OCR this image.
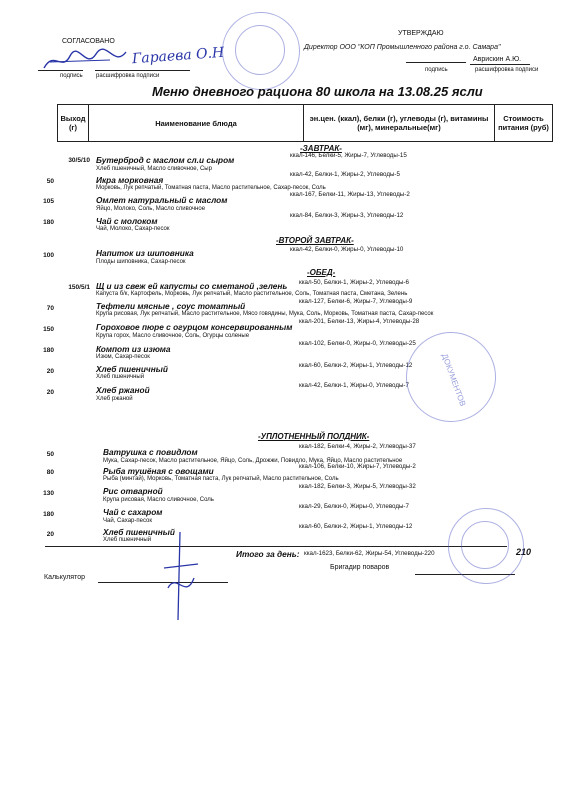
СОГЛАСОВАНО
подпись расшифровка подписи
Гараева О.Н
УТВЕРЖДАЮ
Директор ООО "КОП Промышленного района г.о. Самара"
Аврискин А.Ю.
подпись	расшифровка подписи
Меню дневного рациона 80 школа на 13.08.25 ясли
Выход (г)	Наименование блюда	эн.цен. (ккал), белки (г), углеводы (г), витамины (мг), минеральные(мг)
Стоимость питания (руб)
-ЗАВТРАК-
30/5/10 Бутерброд с маслом сл.и сыром	ккал-146, Белки-5, Жиры-7, Углеводы-15
Хлеб пшеничный, Масло сливочное, Сыр
50	Икра морковная
ккал-42, Белки-1, Жиры-2, Углеводы-5
Морковь, Лук репчатый, Томатная паста, Масло растительное, Сахар-песок, Соль
105	Омлет натуральный с маслом
ккал-167, Белки-11, Жиры-13, Углеводы-2
Яйцо, Молоко, Соль, Масло сливочное
180	Чай с молоком
ккал-84, Белки-3, Жиры-3, Углеводы-12
Чай, Молоко, Сахар-песок
-ВТОРОЙ ЗАВТРАК-
100	Напиток из шиповника	ккал-42, Белки-0, Жиры-0, Углеводы-10
Плоды шиповника, Сахар-песок
-ОБЕД-
150/5/1 Щ и из свеж ей капусты со сметаной ,зелень ккал-50, Белки-1, Жиры-2, Углеводы-6
Капуста б/к, Картофель, Морковь, Лук репчатый, Масло растительное, Соль, Томатная паста, Сметана, Зелень
70	Тефтели мясные , соус томатный	ккал-127, Белки-6, Жиры-7, Углеводы-9
Крупа рисовая, Лук репчатый, Масло растительное, Мясо говядины, Мука, Соль, Морковь, Томатная паста, Сахар-песок
150	Гороховое пюре с огурцом консервированным
ккал-201, Белки-13, Жиры-4, Углеводы-28
Крупа горох, Масло сливочное, Соль, Огурцы соленые
180	Компот из изюма
ккал-102, Белки-0, Жиры-0, Углеводы-25
Изюм, Сахар-песок
20	Хлеб пшеничный	ккал-60, Белки-2, Жиры-1, Углеводы-12
Хлеб пшеничный
20	Хлеб ржаной	ккал-42, Белки-1, Жиры-0, Углеводы-7
Хлеб ржаной
-УПЛОТНЕННЫЙ ПОЛДНИК-
50	Ватрушка с повидлом
ккал-182, Белки-4, Жиры-2, Углеводы-37
Мука, Сахар-песок, Масло растительное, Яйцо, Соль, Дрожжи, Повидло, Мука, Яйцо, Масло растительное
80	Рыба тушёная с овощами	ккал-106, Белки-10, Жиры-7, Углеводы-2
Рыба (минтай), Морковь, Томатная паста, Лук репчатый, Масло растительное, Соль
130	Рис отварной	ккал-182, Белки-3, Жиры-5, Углеводы-32
Крупа рисовая, Масло сливочное, Соль
180	Чай с сахаром
ккал-29, Белки-0, Жиры-0, Углеводы-7
Чай, Сахар-песок
20	Хлеб пшеничный
ккал-60, Белки-2, Жиры-1, Углеводы-12
Хлеб пшеничный
Итого за день: ккал-1623, Белки-62, Жиры-54, Углеводы-220	210
Калькулятор
Бригадир поваров
ДОКУМЕНТОВ
